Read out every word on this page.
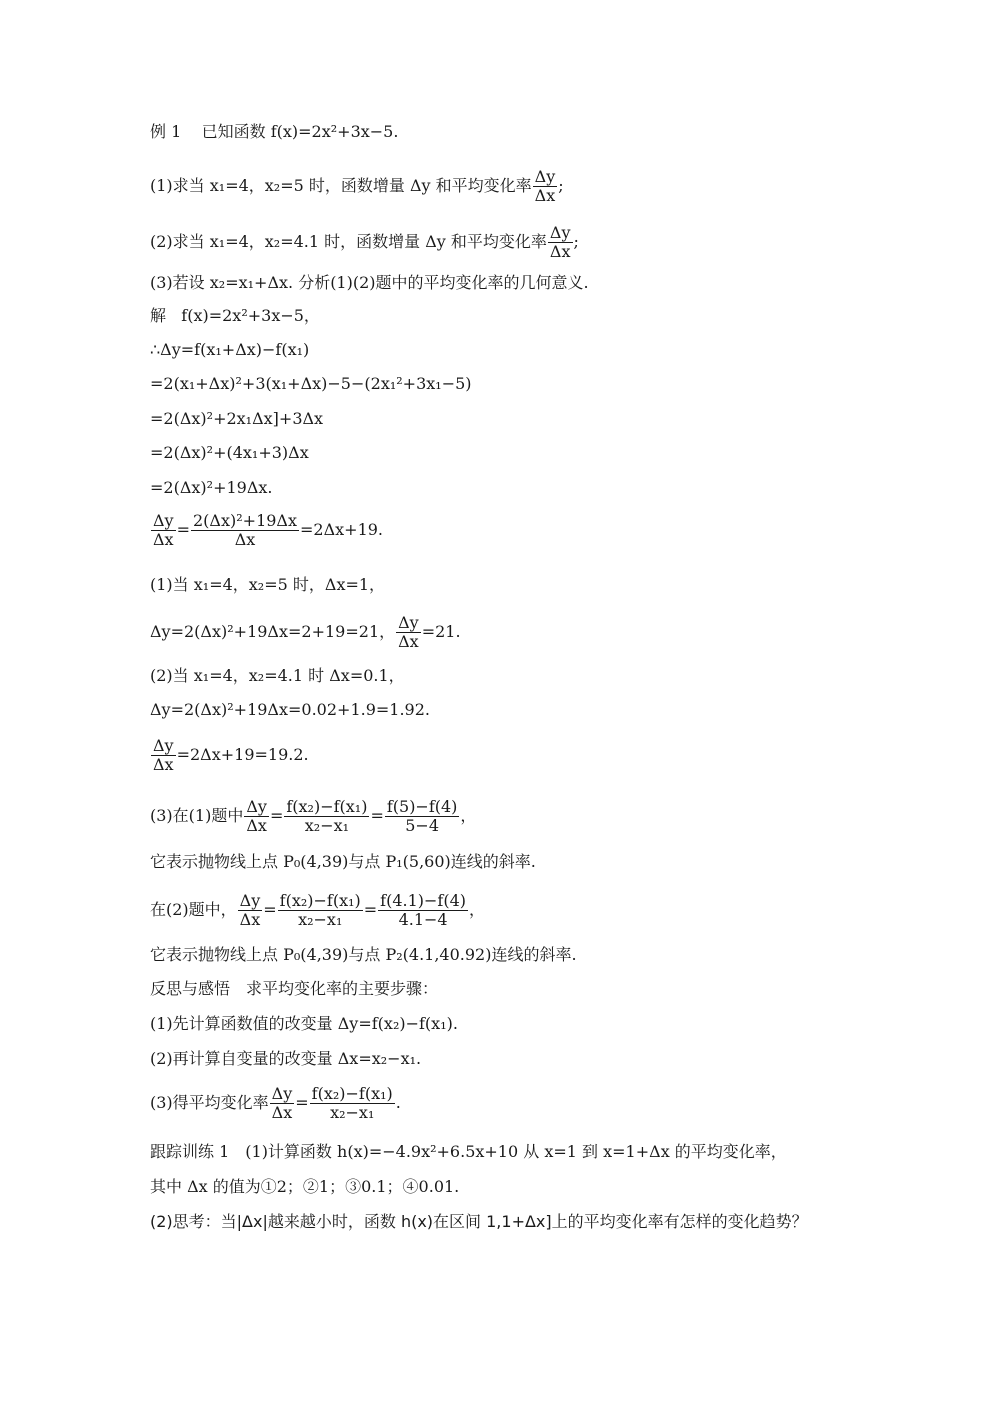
例 1 已知函数 f(x)=2x²+3x−5.
(1)求当 x₁=4，x₂=5 时，函数增量 Δy 和平均变化率 $\frac{\Delta y}{\Delta x}$ ;
(2)求当 x₁=4，x₂=4.1 时，函数增量 Δy 和平均变化率 $\frac{\Delta y}{\Delta x}$ ;
(3)若设 x₂=x₁+Δx. 分析(1)(2)题中的平均变化率的几何意义.
解 f(x)=2x²+3x−5，
∴Δy=f(x₁+Δx)−f(x₁)
=2(x₁+Δx)²+3(x₁+Δx)−5−(2x₁²+3x₁−5)
=2(Δx)²+2x₁Δx]+3Δx
=2(Δx)²+(4x₁+3)Δx
=2(Δx)²+19Δx.
$\frac{\Delta y}{\Delta x} = \frac{\text{2(Δx)²+19Δx}}{\Delta x} =2\Delta x+19$.
(1)当 x₁=4，x₂=5 时，Δx=1，
Δy=2(Δx)²+19Δx=2+19=21， $\frac{\Delta y}{\Delta x} =21$.
(2)当 x₁=4，x₂=4.1 时 Δx=0.1，
Δy=2(Δx)²+19Δx=0.02+1.9=1.92.
$\frac{\Delta y}{\Delta x} =2\Delta x+19=19.2$.
(3)在(1)题中 $\frac{\Delta y}{\Delta x} = \frac{\text{f(x₂)−f(x₁)}}{\text{x₂−x₁}} = \frac{f(5)-f(4)}{5-4}$ ，
它表示抛物线上点 P₀(4,39)与点 P₁(5,60)连线的斜率.
在(2)题中， $\frac{\Delta y}{\Delta x} = \frac{\text{f(x₂)−f(x₁)}}{\text{x₂−x₁}} = \frac{f(4.1)-f(4)}{4.1-4}$ ，
它表示抛物线上点 P₀(4,39)与点 P₂(4.1,40.92)连线的斜率.
反思与感悟　求平均变化率的主要步骤：
(1)先计算函数值的改变量 Δy=f(x₂)−f(x₁).
(2)再计算自变量的改变量 Δx=x₂−x₁.
(3)得平均变化率 $\frac{\Delta y}{\Delta x} = \frac{\text{f(x₂)−f(x₁)}}{\text{x₂−x₁}}$ .
跟踪训练 1　(1)计算函数 h(x)=−4.9x²+6.5x+10 从 x=1 到 x=1+Δx 的平均变化率，
其中 Δx 的值为①2；②1；③0.1；④0.01.
(2)思考：当|Δx|越来越小时，函数 h(x)在区间 1,1+Δx]上的平均变化率有怎样的变化趋势？
